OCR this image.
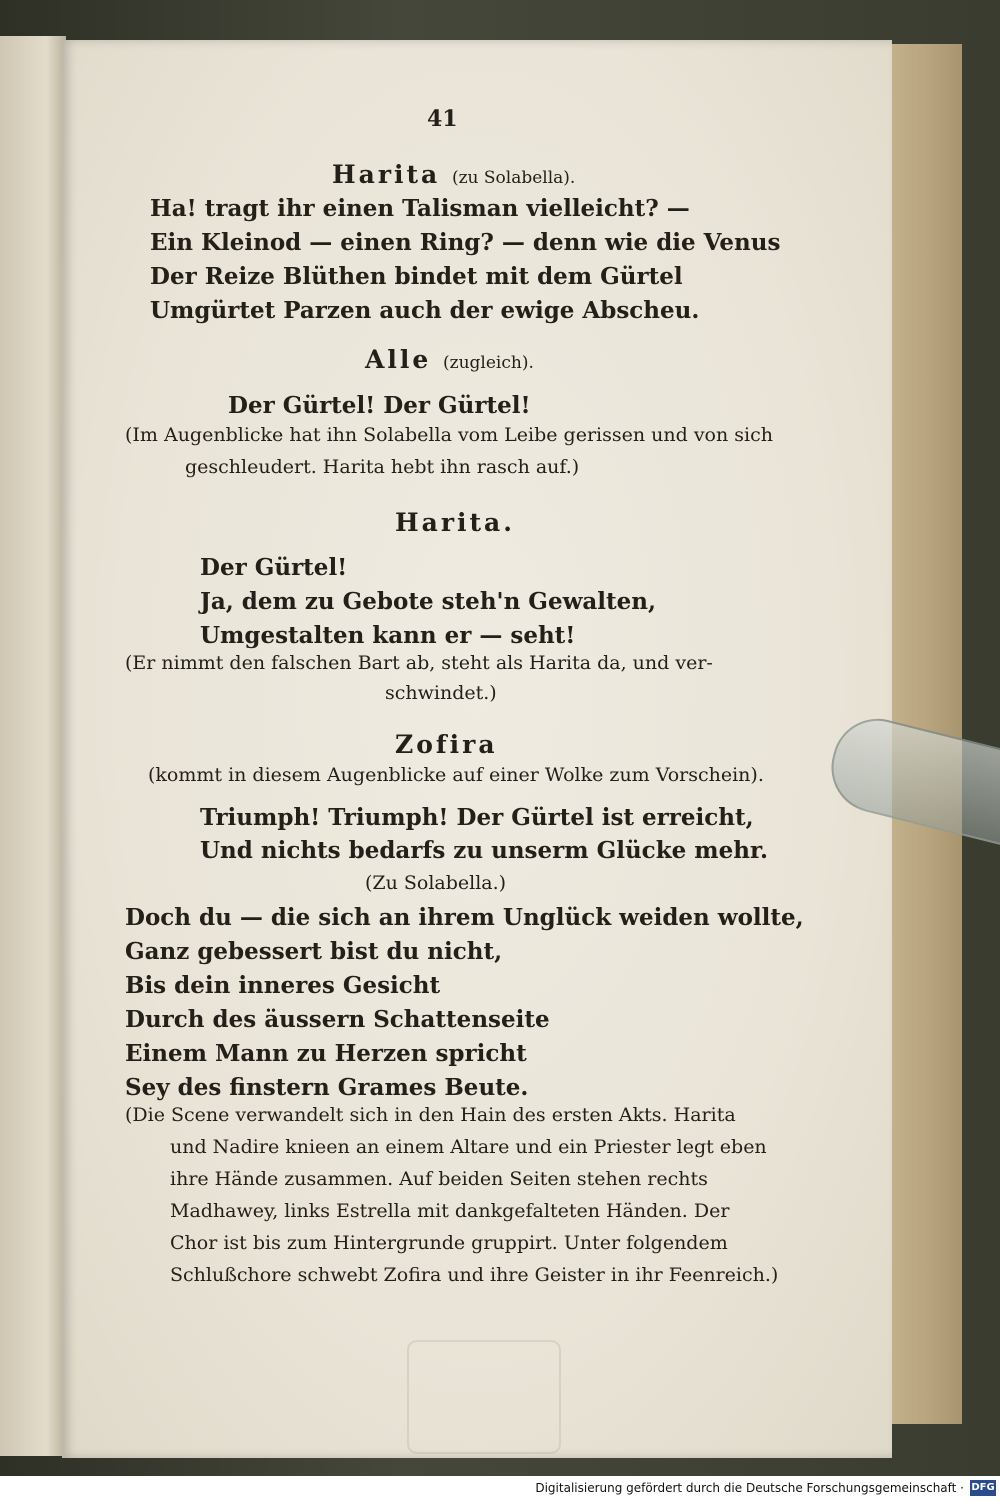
41

Harita (zu Solabella).

Ha! tragt ihr einen Talisman vielleicht? —

Ein Kleinod — einen Ring? — denn wie die Venus

Der Reize Blüthen bindet mit dem Gürtel

Umgürtet Parzen auch der ewige Abscheu.

Alle (zugleich).

Der Gürtel! Der Gürtel!

(Im Augenblicke hat ihn Solabella vom Leibe gerissen und von sich

geschleudert. Harita hebt ihn rasch auf.)

Harita.

Der Gürtel!

Ja, dem zu Gebote steh'n Gewalten,

Umgestalten kann er — seht!

(Er nimmt den falschen Bart ab, steht als Harita da, und ver-

schwindet.)

Zofira

(kommt in diesem Augenblicke auf einer Wolke zum Vorschein).

Triumph! Triumph! Der Gürtel ist erreicht,

Und nichts bedarfs zu unserm Glücke mehr.

(Zu Solabella.)

Doch du — die sich an ihrem Unglück weiden wollte,

Ganz gebessert bist du nicht,

Bis dein inneres Gesicht

Durch des äussern Schattenseite

Einem Mann zu Herzen spricht

Sey des finstern Grames Beute.

(Die Scene verwandelt sich in den Hain des ersten Akts. Harita

und Nadire knieen an einem Altare und ein Priester legt eben

ihre Hände zusammen. Auf beiden Seiten stehen rechts

Madhawey, links Estrella mit dankgefalteten Händen. Der

Chor ist bis zum Hintergrunde gruppirt. Unter folgendem

Schlußchore schwebt Zofira und ihre Geister in ihr Feenreich.)

Digitalisierung gefördert durch die Deutsche Forschungsgemeinschaft · DFG
